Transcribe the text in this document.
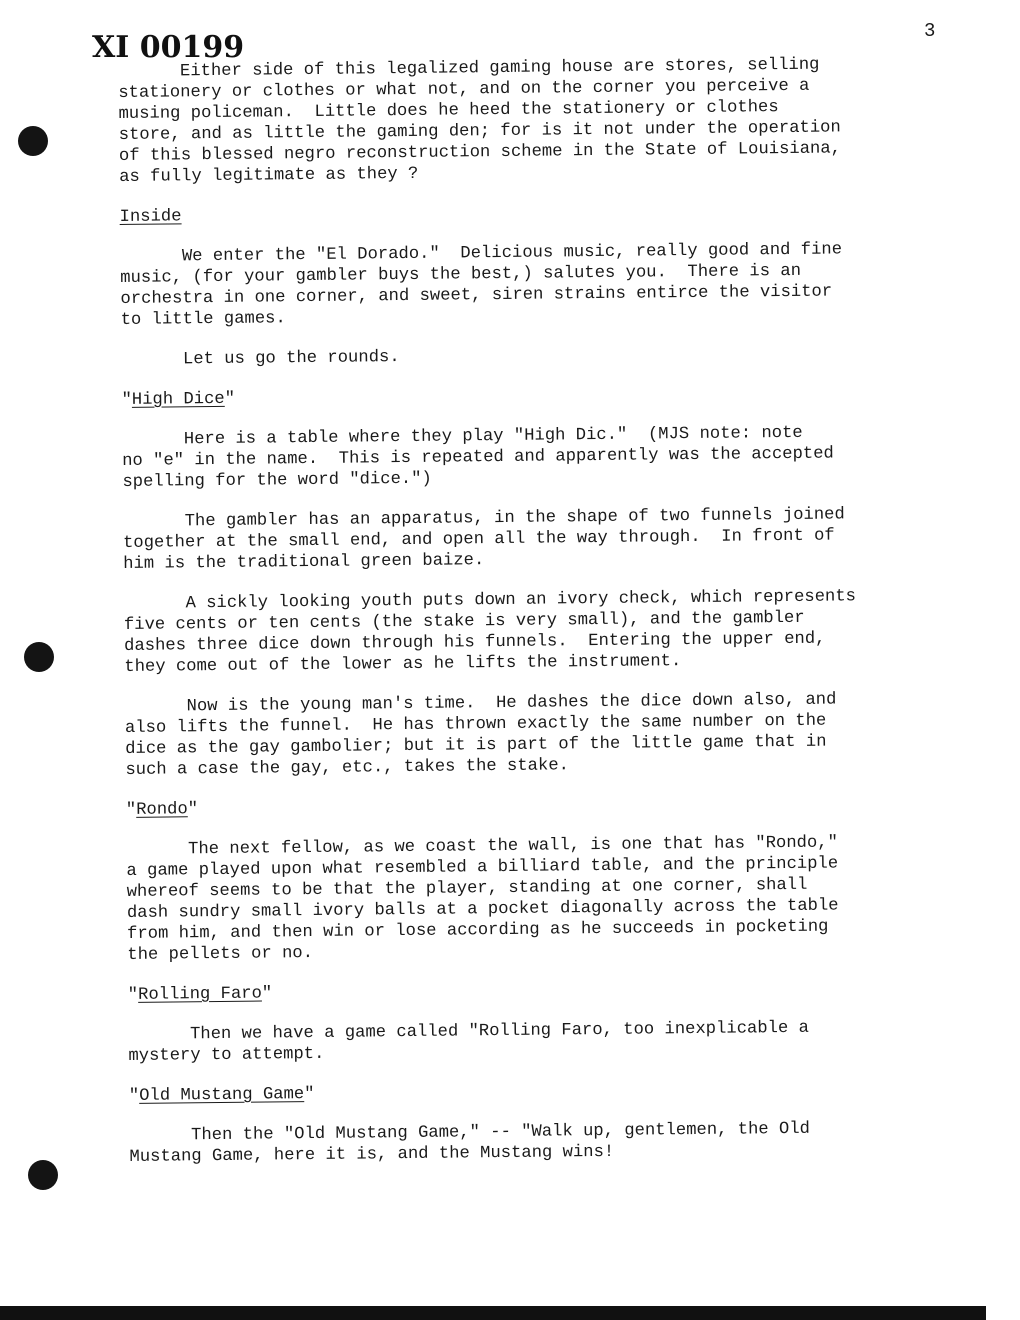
XI 00199	3
Either side of this legalized gaming house are stores, selling
stationery or clothes or what not, and on the corner you perceive a
musing policeman.  Little does he heed the stationery or clothes
store, and as little the gaming den; for is it not under the operation
of this blessed negro reconstruction scheme in the State of Louisiana,
as fully legitimate as they ?
Inside
We enter the "El Dorado."  Delicious music, really good and fine
music, (for your gambler buys the best,) salutes you.  There is an
orchestra in one corner, and sweet, siren strains entirce the visitor
to little games.
Let us go the rounds.
"High Dice"
Here is a table where they play "High Dic."  (MJS note: note
no "e" in the name.  This is repeated and apparently was the accepted
spelling for the word "dice.")
The gambler has an apparatus, in the shape of two funnels joined
together at the small end, and open all the way through.  In front of
him is the traditional green baize.
A sickly looking youth puts down an ivory check, which represents
five cents or ten cents (the stake is very small), and the gambler
dashes three dice down through his funnels.  Entering the upper end,
they come out of the lower as he lifts the instrument.
Now is the young man's time.  He dashes the dice down also, and
also lifts the funnel.  He has thrown exactly the same number on the
dice as the gay gambolier; but it is part of the little game that in
such a case the gay, etc., takes the stake.
"Rondo"
The next fellow, as we coast the wall, is one that has "Rondo,"
a game played upon what resembled a billiard table, and the principle
whereof seems to be that the player, standing at one corner, shall
dash sundry small ivory balls at a pocket diagonally across the table
from him, and then win or lose according as he succeeds in pocketing
the pellets or no.
"Rolling Faro"
Then we have a game called "Rolling Faro, too inexplicable a
mystery to attempt.
"Old Mustang Game"
Then the "Old Mustang Game," -- "Walk up, gentlemen, the Old
Mustang Game, here it is, and the Mustang wins!
